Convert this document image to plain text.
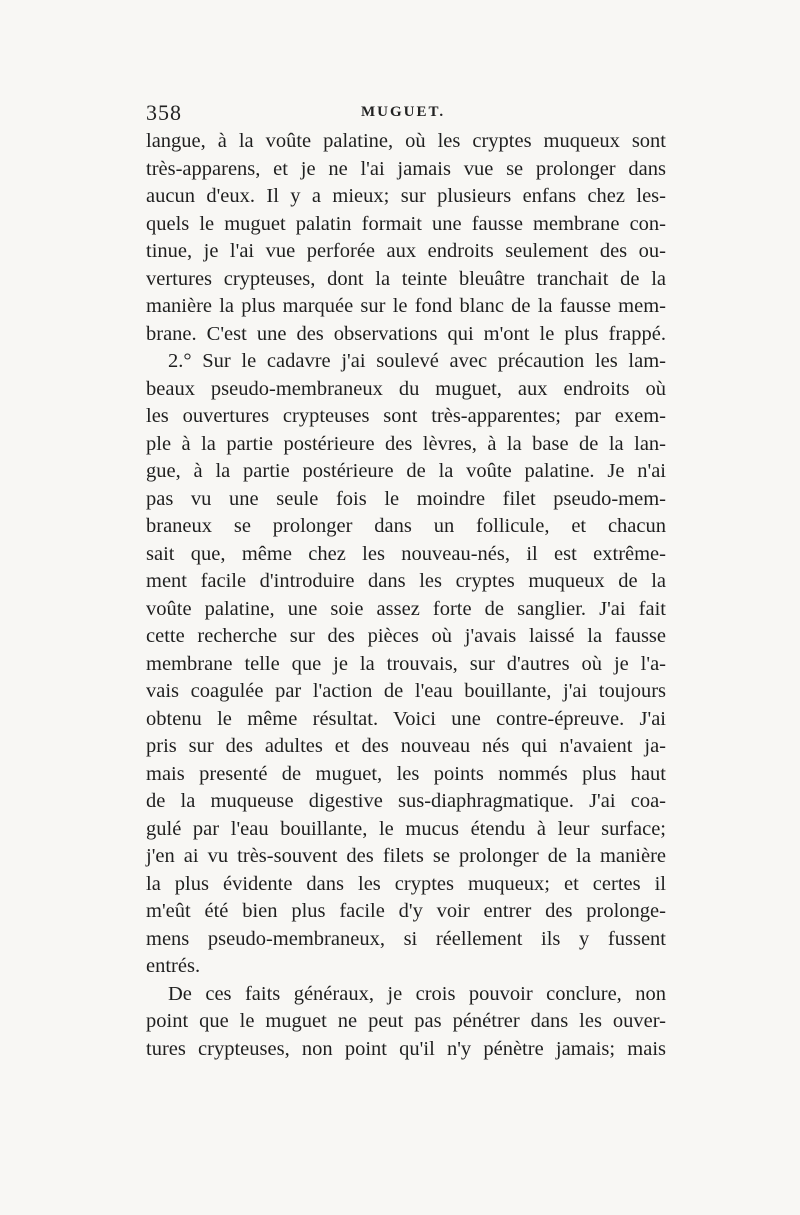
358	MUGUET.
langue, à la voûte palatine, où les cryptes muqueux sont
très-apparens, et je ne l'ai jamais vue se prolonger dans
aucun d'eux. Il y a mieux; sur plusieurs enfans chez les-
quels le muguet palatin formait une fausse membrane con-
tinue, je l'ai vue perforée aux endroits seulement des ou-
vertures crypteuses, dont la teinte bleuâtre tranchait de la
manière la plus marquée sur le fond blanc de la fausse mem-
brane. C'est une des observations qui m'ont le plus frappé.
2.° Sur le cadavre j'ai soulevé avec précaution les lam-
beaux pseudo-membraneux du muguet, aux endroits où
les ouvertures crypteuses sont très-apparentes; par exem-
ple à la partie postérieure des lèvres, à la base de la lan-
gue, à la partie postérieure de la voûte palatine. Je n'ai
pas vu une seule fois le moindre filet pseudo-mem-
braneux se prolonger dans un follicule, et chacun
sait que, même chez les nouveau-nés, il est extrême-
ment facile d'introduire dans les cryptes muqueux de la
voûte palatine, une soie assez forte de sanglier. J'ai fait
cette recherche sur des pièces où j'avais laissé la fausse
membrane telle que je la trouvais, sur d'autres où je l'a-
vais coagulée par l'action de l'eau bouillante, j'ai toujours
obtenu le même résultat. Voici une contre-épreuve. J'ai
pris sur des adultes et des nouveau nés qui n'avaient ja-
mais presenté de muguet, les points nommés plus haut
de la muqueuse digestive sus-diaphragmatique. J'ai coa-
gulé par l'eau bouillante, le mucus étendu à leur surface;
j'en ai vu très-souvent des filets se prolonger de la manière
la plus évidente dans les cryptes muqueux; et certes il
m'eût été bien plus facile d'y voir entrer des prolonge-
mens pseudo-membraneux, si réellement ils y fussent
entrés.
De ces faits généraux, je crois pouvoir conclure, non
point que le muguet ne peut pas pénétrer dans les ouver-
tures crypteuses, non point qu'il n'y pénètre jamais; mais
